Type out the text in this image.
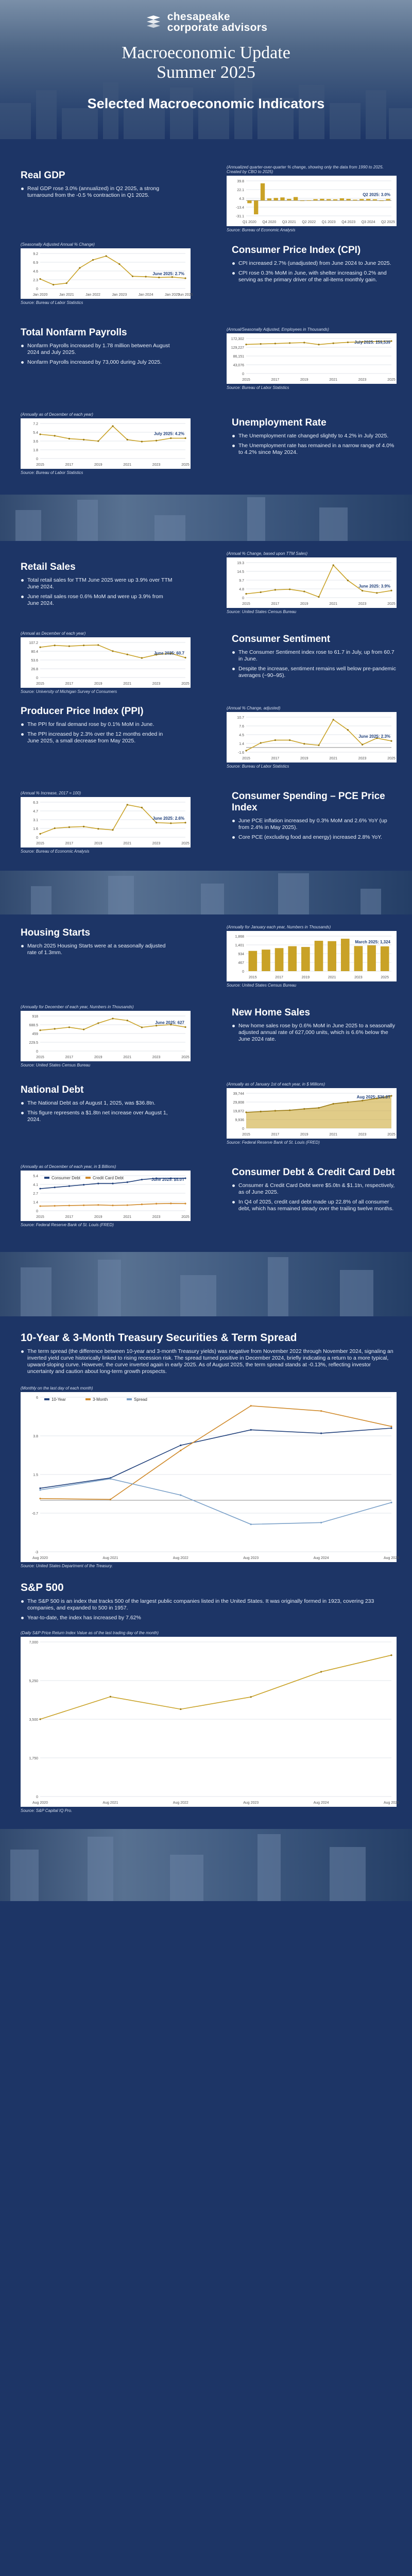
chesapeake
corporate advisors
Macroeconomic Update
Summer 2025
Selected Macroeconomic Indicators
Real GDP
Real GDP rose 3.0% (annualized) in Q2 2025, a strong turnaround from the -0.5 % contraction in Q1 2025.
(Annualized quarter-over-quarter % change, showing only the data from 1990 to 2025. Created by CBO to 2025)
-31.1
-13.4
4.3
22.1
39.8
Q1 2020 Q4 2020 Q3 2021 Q2 2022 Q1 2023 Q4 2023 Q3 2024 Q2 2025
Q2 2025: 3.0%
Source: Bureau of Economic Analysis
(Seasonally Adjusted Annual % Change)
0
2.3
4.6
6.9
9.2
Jan 2020	Jan 2021	Jan 2022	Jan 2023	Jan 2024	Jan 2025
Jun 2025
June 2025: 2.7%
Source: Bureau of Labor Statistics
Consumer Price Index (CPI)
CPI increased 2.7% (unadjusted) from June 2024 to June 2025.
CPI rose 0.3% MoM in June, with shelter increasing 0.2% and serving as the primary driver of the all-items monthly gain.
Total Nonfarm Payrolls
Nonfarm Payrolls increased by 1.78 million between August 2024 and July 2025.
Nonfarm Payrolls increased by 73,000 during July 2025.
(Annual/Seasonally Adjusted, Employees in Thousands)
0
43,076
86,151
129,227
172,302
2015	2017	2019	2021	2023	2025
July 2025: 159,539
Source: Bureau of Labor Statistics
(Annually as of December of each year)
0
1.8
3.6
5.4
7.2
2015	2017	2019	2021	2023	2025
July 2025: 4.2%
Source: Bureau of Labor Statistics
Unemployment Rate
The Unemployment rate changed slightly to 4.2% in July 2025.
The Unemployment rate has remained in a narrow range of 4.0% to 4.2% since May 2024.
Retail Sales
Total retail sales for TTM June 2025 were up 3.9% over TTM June 2024.
June retail sales rose 0.6% MoM and were up 3.9% from June 2024.
(Annual % Change, based upon TTM Sales)
0
4.8
9.7
14.5
19.3
2015	2017	2019	2021	2023	2025
June 2025: 3.9%
Source: United States Census Bureau
(Annual as December of each year)
0
26.8
53.6
80.4
107.2
2015	2017	2019	2021	2023	2025
June 2025: 60.7
Source: University of Michigan Survey of Consumers
Consumer Sentiment
The Consumer Sentiment index rose to 61.7 in July, up from 60.7 in June.
Despite the increase, sentiment remains well below pre-pandemic averages (~90–95).
Producer Price Index (PPI)
The PPI for final demand rose by 0.1% MoM in June.
The PPI increased by 2.3% over the 12 months ended in June 2025, a small decrease from May 2025.
(Annual % Change, adjusted)
-1.6
1.4
4.5
7.6
10.7
2015	2017	2019	2021	2023	2025
June 2025: 2.3%
Source: Bureau of Labor Statistics
(Annual % Increase, 2017 = 100)
0
1.6
3.1
4.7
6.3
2015	2017	2019	2021	2023	2025
June 2025: 2.6%
Source: Bureau of Economic Analysis
Consumer Spending – PCE Price Index
June PCE inflation increased by 0.3% MoM and 2.6% YoY (up from 2.4% in May 2025).
Core PCE (excluding food and energy) increased 2.8% YoY.
Housing Starts
March 2025 Housing Starts were at a seasonally adjusted rate of 1.3mm.
(Annually for January each year, Numbers in Thousands)
0
467
934
1,401
1,868
2015	2017	2019	2021	2023	2025
March 2025: 1,324
Source: United States Census Bureau
(Annually for December of each year, Numbers in Thousands)
0
229.5
459
688.5
918
2015	2017	2019	2021	2023	2025
June 2025: 627
Source: United States Census Bureau
New Home Sales
New home sales rose by 0.6% MoM in June 2025 to a seasonally adjusted annual rate of 627,000 units, which is 6.6% below the June 2024 rate.
National Debt
The National Debt as of August 1, 2025, was $36.8tn.
This figure represents a $1.8tn net increase over August 1, 2024.
(Annually as of January 1st of each year, in $ Millions)
0
9,936
19,872
29,808
39,744
2015	2017	2019	2021	2023	2025
Aug 2025: $36.8T
Source: Federal Reserve Bank of St. Louis (FRED)
(Annually as of December of each year, in $ Billions)
0
1.4
2.7
4.1
5.4
2015	2017	2019	2021	2023	2025
Consumer Debt	Credit Card Debt	June 2025: $5.0T
Source: Federal Reserve Bank of St. Louis (FRED)
Consumer Debt & Credit Card Debt
Consumer & Credit Card Debt were $5.0tn & $1.1tn, respectively, as of June 2025.
In Q4 of 2025, credit card debt made up 22.8% of all consumer debt, which has remained steady over the trailing twelve months.
10-Year & 3-Month Treasury Securities & Term Spread
The term spread (the difference between 10-year and 3-month Treasury yields) was negative from November 2022 through November 2024, signaling an inverted yield curve historically linked to rising recession risk. The spread turned positive in December 2024, briefly indicating a return to a more typical, upward-sloping curve. However, the curve inverted again in early 2025. As of August 2025, the term spread stands at -0.13%, reflecting investor uncertainty and caution about long-term growth prospects.
(Monthly on the last day of each month)
-3
-0.7
1.5
3.8
6
Aug 2020	Aug 2021	Aug 2022	Aug 2023	Aug 2024	Aug 2025
10-Year	3-Month	Spread
Source: United States Department of the Treasury.
S&P 500
The S&P 500 is an index that tracks 500 of the largest public companies listed in the United States. It was originally formed in 1923, covering 233 companies, and expanded to 500 in 1957.
Year-to-date, the index has increased by 7.62%
(Daily S&P Price Return Index Value as of the last trading day of the month)
0
1,750
3,500
5,250
7,000
Aug 2020	Aug 2021	Aug 2022	Aug 2023	Aug 2024	Aug 2025
Source: S&P Capital IQ Pro.
